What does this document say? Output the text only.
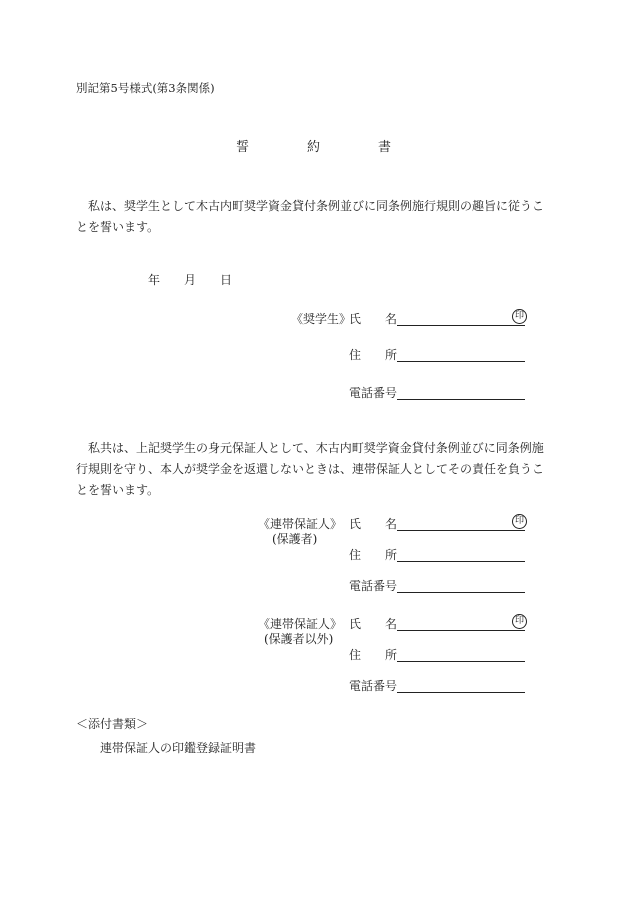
別記第5号様式(第3条関係)
誓	約	書
私は、奨学生として木古内町奨学資金貸付条例並びに同条例施行規則の趣旨に従うことを誓います。
年 月 日
《奨学生》
氏　　名	印
住　　所
電話番号
私共は、上記奨学生の身元保証人として、木古内町奨学資金貸付条例並びに同条例施行規則を守り、本人が奨学金を返還しないときは、連帯保証人としてその責任を負うことを誓います。
《連帯保証人》
(保護者)
氏　　名	印
住　　所
電話番号
《連帯保証人》
(保護者以外)
氏　　名	印
住　　所
電話番号
＜添付書類＞
連帯保証人の印鑑登録証明書
